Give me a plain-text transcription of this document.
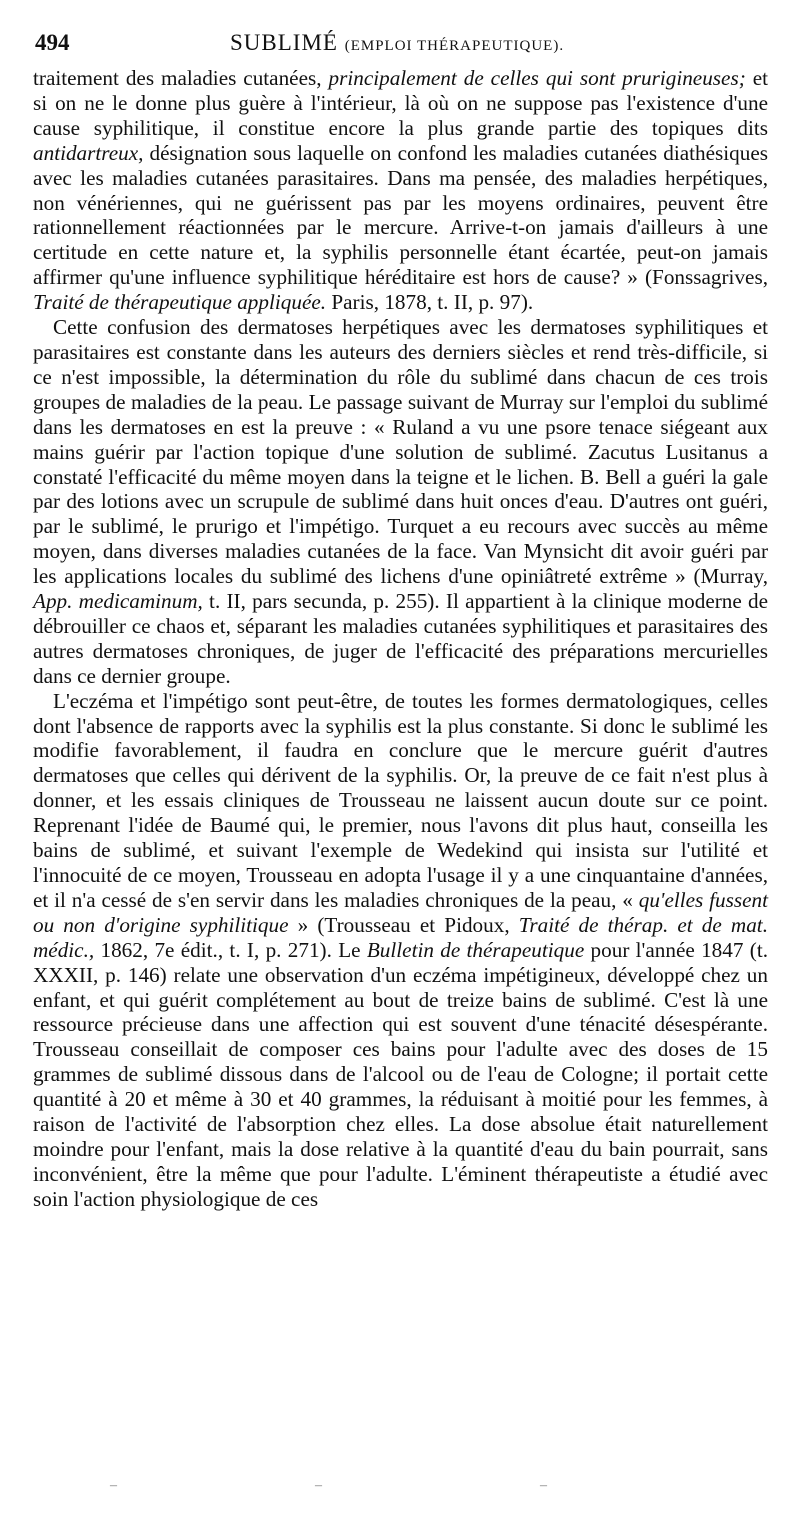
494	SUBLIMÉ (EMPLOI THÉRAPEUTIQUE).

traitement des maladies cutanées, principalement de celles qui sont prurigineuses; et si on ne le donne plus guère à l'intérieur, là où on ne suppose pas l'existence d'une cause syphilitique, il constitue encore la plus grande partie des topiques dits antidartreux, désignation sous laquelle on confond les maladies cutanées diathésiques avec les maladies cutanées parasitaires. Dans ma pensée, des maladies herpétiques, non vénériennes, qui ne guérissent pas par les moyens ordinaires, peuvent être rationnellement réactionnées par le mercure. Arrive-t-on jamais d'ailleurs à une certitude en cette nature et, la syphilis personnelle étant écartée, peut-on jamais affirmer qu'une influence syphilitique héréditaire est hors de cause? » (Fonssagrives, Traité de thérapeutique appliquée. Paris, 1878, t. II, p. 97).

Cette confusion des dermatoses herpétiques avec les dermatoses syphilitiques et parasitaires est constante dans les auteurs des derniers siècles et rend très-difficile, si ce n'est impossible, la détermination du rôle du sublimé dans chacun de ces trois groupes de maladies de la peau. Le passage suivant de Murray sur l'emploi du sublimé dans les dermatoses en est la preuve : « Ruland a vu une psore tenace siégeant aux mains guérir par l'action topique d'une solution de sublimé. Zacutus Lusitanus a constaté l'efficacité du même moyen dans la teigne et le lichen. B. Bell a guéri la gale par des lotions avec un scrupule de sublimé dans huit onces d'eau. D'autres ont guéri, par le sublimé, le prurigo et l'impétigo. Turquet a eu recours avec succès au même moyen, dans diverses maladies cutanées de la face. Van Mynsicht dit avoir guéri par les applications locales du sublimé des lichens d'une opiniâtreté extrême » (Murray, App. medicaminum, t. II, pars secunda, p. 255). Il appartient à la clinique moderne de débrouiller ce chaos et, séparant les maladies cutanées syphilitiques et parasitaires des autres dermatoses chroniques, de juger de l'efficacité des préparations mercurielles dans ce dernier groupe.

L'eczéma et l'impétigo sont peut-être, de toutes les formes dermatologiques, celles dont l'absence de rapports avec la syphilis est la plus constante. Si donc le sublimé les modifie favorablement, il faudra en conclure que le mercure guérit d'autres dermatoses que celles qui dérivent de la syphilis. Or, la preuve de ce fait n'est plus à donner, et les essais cliniques de Trousseau ne laissent aucun doute sur ce point. Reprenant l'idée de Baumé qui, le premier, nous l'avons dit plus haut, conseilla les bains de sublimé, et suivant l'exemple de Wedekind qui insista sur l'utilité et l'innocuité de ce moyen, Trousseau en adopta l'usage il y a une cinquantaine d'années, et il n'a cessé de s'en servir dans les maladies chroniques de la peau, « qu'elles fussent ou non d'origine syphilitique » (Trousseau et Pidoux, Traité de thérap. et de mat. médic., 1862, 7e édit., t. I, p. 271). Le Bulletin de thérapeutique pour l'année 1847 (t. XXXII, p. 146) relate une observation d'un eczéma impétigineux, développé chez un enfant, et qui guérit complétement au bout de treize bains de sublimé. C'est là une ressource précieuse dans une affection qui est souvent d'une ténacité désespérante. Trousseau conseillait de composer ces bains pour l'adulte avec des doses de 15 grammes de sublimé dissous dans de l'alcool ou de l'eau de Cologne; il portait cette quantité à 20 et même à 30 et 40 grammes, la réduisant à moitié pour les femmes, à raison de l'activité de l'absorption chez elles. La dose absolue était naturellement moindre pour l'enfant, mais la dose relative à la quantité d'eau du bain pourrait, sans inconvénient, être la même que pour l'adulte. L'éminent thérapeutiste a étudié avec soin l'action physiologique de ces

–	–	–
